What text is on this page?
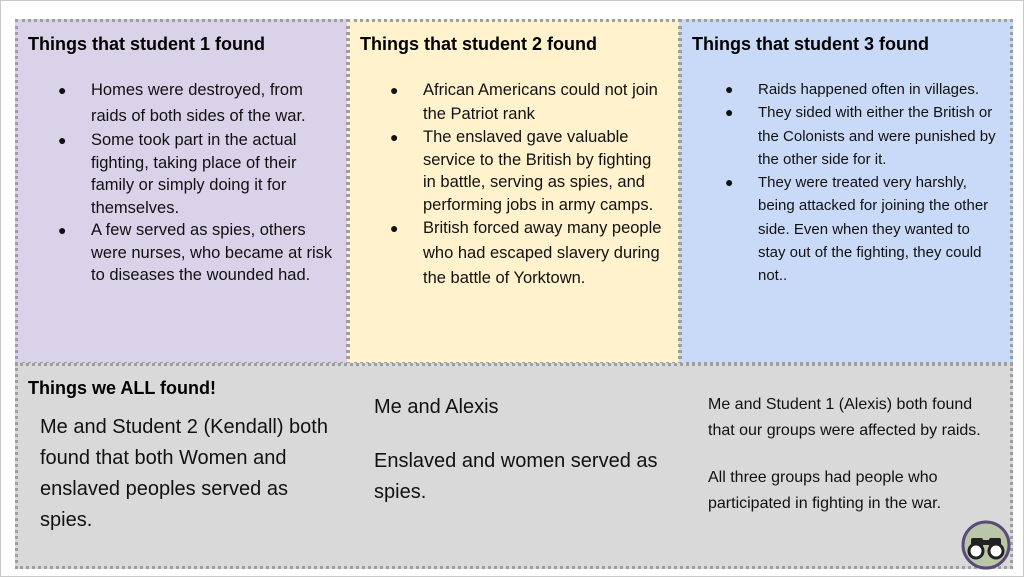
Things that student 1 found
● Homes were destroyed, from raids of both sides of the war.
● Some took part in the actual fighting, taking place of their family or simply doing it for themselves.
● A few served as spies, others were nurses, who became at risk to diseases the wounded had.
Things that student 2 found
● African Americans could not join the Patriot rank
● The enslaved gave valuable service to the British by fighting in battle, serving as spies, and performing jobs in army camps.
● British forced away many people who had escaped slavery during the battle of Yorktown.
Things that student 3 found
● Raids happened often in villages.
● They sided with either the British or the Colonists and were punished by the other side for it.
● They were treated very harshly, being attacked for joining the other side. Even when they wanted to stay out of the fighting, they could not..
Things we ALL found!

Me and Student 2 (Kendall) both found that both Women and enslaved peoples served as spies.

Me and Alexis

Enslaved and women served as spies.

Me and Student 1 (Alexis) both found that our groups were affected by raids.

All three groups had people who participated in fighting in the war.
